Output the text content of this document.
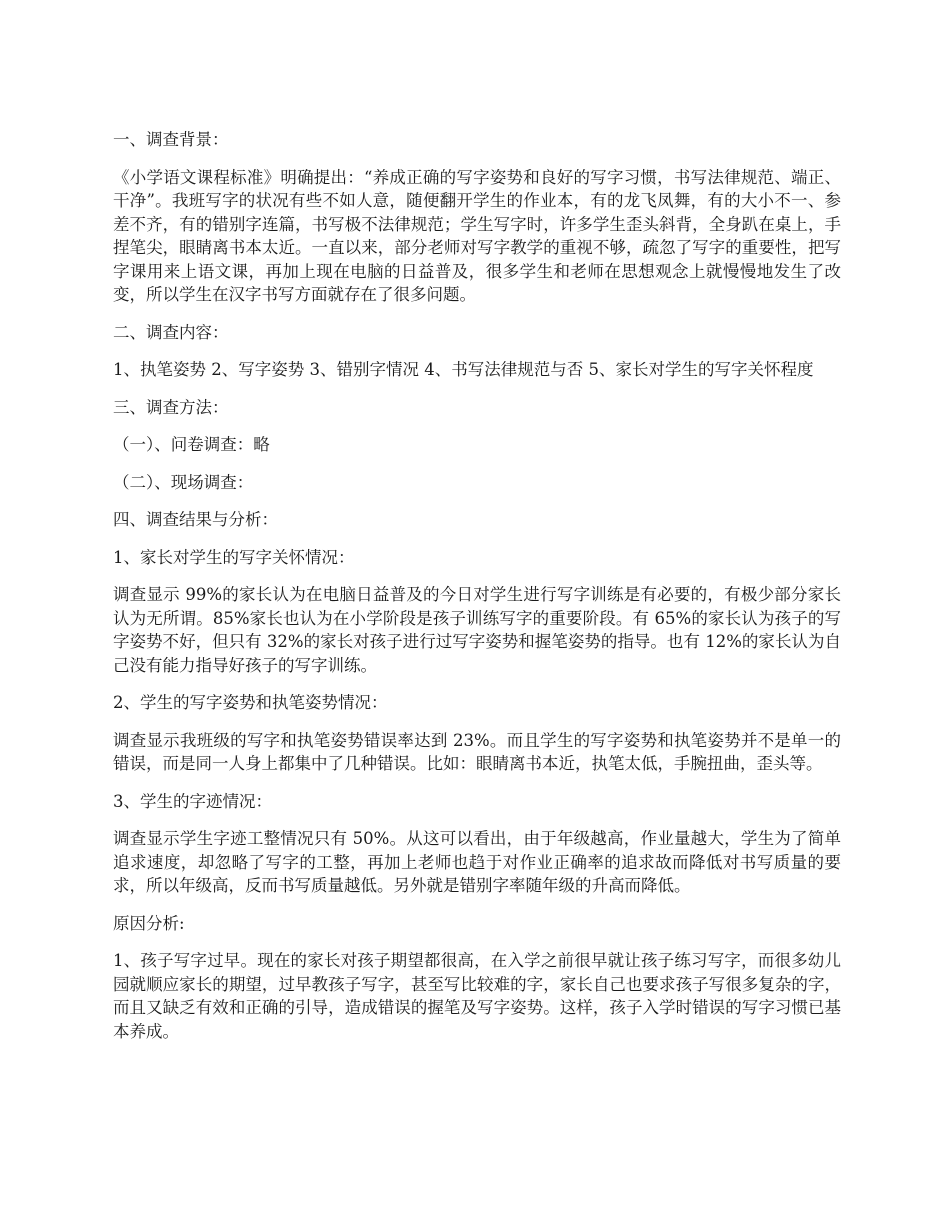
一、调查背景：

《小学语文课程标准》明确提出：“养成正确的写字姿势和良好的写字习惯，书写法律规范、端正、干净”。我班写字的状况有些不如人意，随便翻开学生的作业本，有的龙飞凤舞，有的大小不一、参差不齐，有的错别字连篇，书写极不法律规范；学生写字时，许多学生歪头斜背，全身趴在桌上，手捏笔尖，眼睛离书本太近。一直以来，部分老师对写字教学的重视不够，疏忽了写字的重要性，把写字课用来上语文课，再加上现在电脑的日益普及，很多学生和老师在思想观念上就慢慢地发生了改变，所以学生在汉字书写方面就存在了很多问题。

二、调查内容：

1、执笔姿势 2、写字姿势 3、错别字情况 4、书写法律规范与否 5、家长对学生的写字关怀程度

三、调查方法：

（一）、问卷调查：略

（二）、现场调查：

四、调查结果与分析：

1、家长对学生的写字关怀情况：

调查显示 99%的家长认为在电脑日益普及的今日对学生进行写字训练是有必要的，有极少部分家长认为无所谓。85%家长也认为在小学阶段是孩子训练写字的重要阶段。有 65%的家长认为孩子的写字姿势不好，但只有 32%的家长对孩子进行过写字姿势和握笔姿势的指导。也有 12%的家长认为自己没有能力指导好孩子的写字训练。

2、学生的写字姿势和执笔姿势情况：

调查显示我班级的写字和执笔姿势错误率达到 23%。而且学生的写字姿势和执笔姿势并不是单一的错误，而是同一人身上都集中了几种错误。比如：眼睛离书本近，执笔太低，手腕扭曲，歪头等。

3、学生的字迹情况：

调查显示学生字迹工整情况只有 50%。从这可以看出，由于年级越高，作业量越大，学生为了简单追求速度，却忽略了写字的工整，再加上老师也趋于对作业正确率的追求故而降低对书写质量的要求，所以年级高，反而书写质量越低。另外就是错别字率随年级的升高而降低。

原因分析:

1、孩子写字过早。现在的家长对孩子期望都很高，在入学之前很早就让孩子练习写字，而很多幼儿园就顺应家长的期望，过早教孩子写字，甚至写比较难的字，家长自己也要求孩子写很多复杂的字，而且又缺乏有效和正确的引导，造成错误的握笔及写字姿势。这样，孩子入学时错误的写字习惯已基本养成。
